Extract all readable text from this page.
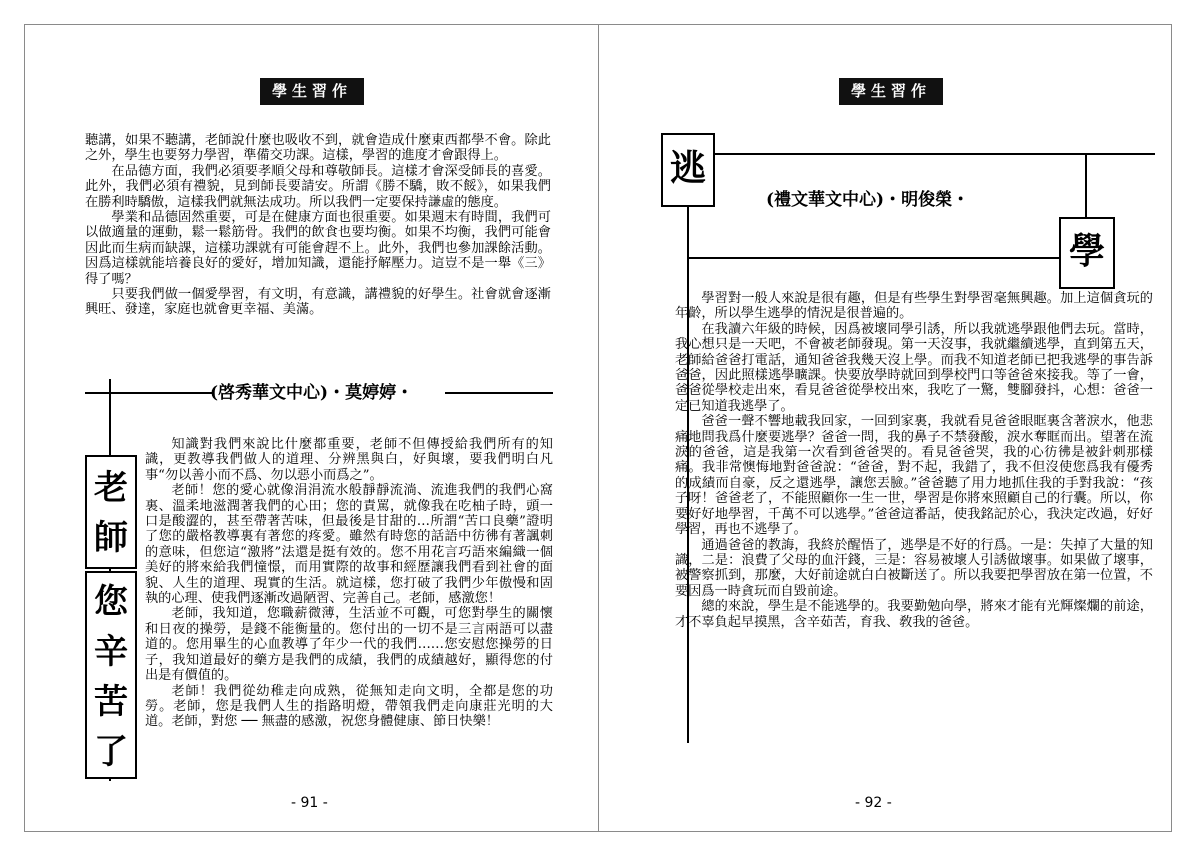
學生習作

聽講，如果不聽講，老師說什麼也吸收不到，就會造成什麼東西都學不會。除此之外，學生也要努力學習，準備交功課。這樣，學習的進度才會跟得上。

在品德方面，我們必須要孝順父母和尊敬師長。這樣才會深受師長的喜愛。此外，我們必須有禮貌，見到師長要請安。所謂《勝不驕，敗不餒》，如果我們在勝利時驕傲，這樣我們就無法成功。所以我們一定要保持謙虛的態度。

學業和品德固然重要，可是在健康方面也很重要。如果週末有時間，我們可以做適量的運動，鬆一鬆筋骨。我們的飲食也要均衡。如果不均衡，我們可能會因此而生病而缺課，這樣功課就有可能會趕不上。此外，我們也參加課餘活動。因爲這樣就能培養良好的愛好，增加知識，還能抒解壓力。這豈不是一舉《三》得了嗎？

只要我們做一個愛學習，有文明，有意識，講禮貌的好學生。社會就會逐漸興旺、發達，家庭也就會更幸福、美滿。

(啓秀華文中心)・莫婷婷・
老
師
您
辛
苦
了

知識對我們來說比什麼都重要，老師不但傳授給我們所有的知識，更教導我們做人的道理、分辨黑與白，好與壞，要我們明白凡事“勿以善小而不爲、勿以惡小而爲之”。

老師！您的愛心就像涓涓流水般靜靜流淌、流進我們的我們心窩裏、溫柔地滋潤著我們的心田；您的責罵，就像我在吃柚子時，頭一口是酸澀的，甚至帶著苦味，但最後是甘甜的…所謂“苦口良藥”證明了您的嚴格教導裏有著您的疼愛。雖然有時您的話語中彷彿有著諷刺的意味，但您這“激將”法還是挺有效的。您不用花言巧語來編織一個美好的將來給我們憧憬，而用實際的故事和經歷讓我們看到社會的面貌、人生的道理、現實的生活。就這樣，您打破了我們少年傲慢和固執的心理、使我們逐漸改過陋習、完善自己。老師，感激您！

老師，我知道，您職薪微薄，生活並不可觀，可您對學生的關懷和日夜的操勞，是錢不能衡量的。您付出的一切不是三言兩語可以盡道的。您用畢生的心血教導了年少一代的我們……您安慰您操勞的日子，我知道最好的藥方是我們的成績，我們的成績越好，顯得您的付出是有價值的。

老師！我們從幼稚走向成熟，從無知走向文明，全都是您的功勞。老師，您是我們人生的指路明燈，帶領我們走向康莊光明的大道。老師，對您 ── 無盡的感激，祝您身體健康、節日快樂！

- 91 -
學生習作
逃
(禮文華文中心)・明俊榮・
學

學習對一般人來說是很有趣，但是有些學生對學習毫無興趣。加上這個貪玩的年齡，所以學生逃學的情況是很普遍的。

在我讀六年級的時候，因爲被壞同學引誘，所以我就逃學跟他們去玩。當時，我心想只是一天吧，不會被老師發現。第一天沒事，我就繼續逃學，直到第五天，老師給爸爸打電話，通知爸爸我幾天沒上學。而我不知道老師已把我逃學的事告訴爸爸，因此照樣逃學曠課。快要放學時就回到學校門口等爸爸來接我。等了一會，爸爸從學校走出來，看見爸爸從學校出來，我吃了一驚，雙腳發抖，心想：爸爸一定已知道我逃學了。

爸爸一聲不響地載我回家，一回到家裏，我就看見爸爸眼眶裏含著淚水，他悲痛地問我爲什麼要逃學？爸爸一問，我的鼻子不禁發酸，淚水奪眶而出。望著在流淚的爸爸，這是我第一次看到爸爸哭的。看見爸爸哭，我的心彷彿是被針刺那樣痛。我非常懊悔地對爸爸說：“爸爸，對不起，我錯了，我不但沒使您爲我有優秀的成績而自豪，反之還逃學，讓您丟臉。”爸爸聽了用力地抓住我的手對我說：“孩子呀！爸爸老了，不能照顧你一生一世，學習是你將來照顧自己的行囊。所以，你要好好地學習，千萬不可以逃學。”爸爸這番話，使我銘記於心，我決定改過，好好學習，再也不逃學了。

通過爸爸的教誨，我終於醒悟了，逃學是不好的行爲。一是：失掉了大量的知識，二是：浪費了父母的血汗錢，三是：容易被壞人引誘做壞事。如果做了壞事，被警察抓到，那麼，大好前途就白白被斷送了。所以我要把學習放在第一位置，不要因爲一時貪玩而自毀前途。

總的來說，學生是不能逃學的。我要勤勉向學，將來才能有光輝燦爛的前途，才不辜負起早摸黑，含辛茹苦，育我、敎我的爸爸。

- 92 -
